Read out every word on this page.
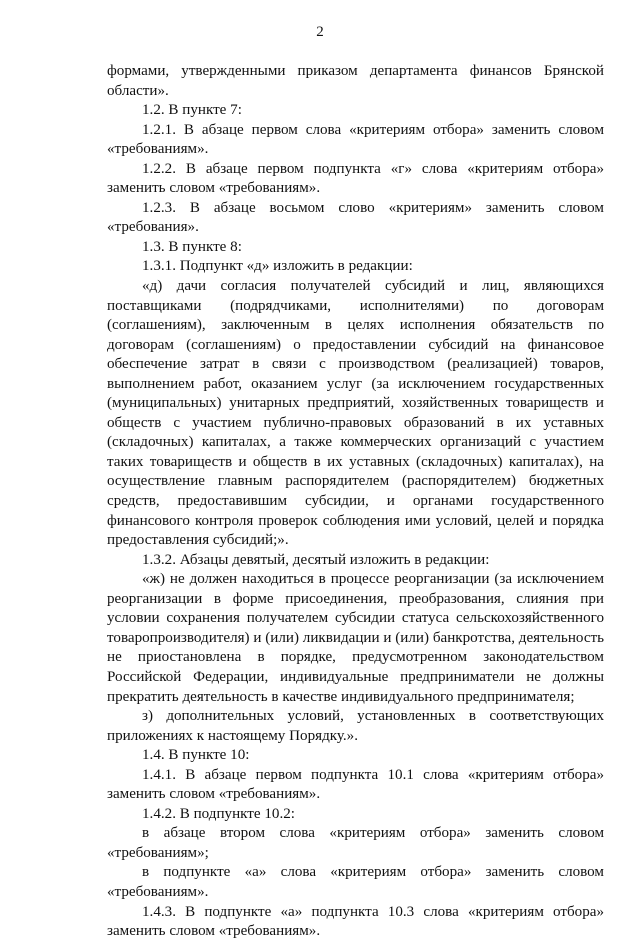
2

формами, утвержденными приказом департамента финансов Брянской области».

1.2. В пункте 7:

1.2.1. В абзаце первом слова «критериям отбора» заменить словом «требованиям».

1.2.2. В абзаце первом подпункта «г» слова «критериям отбора» заменить словом «требованиям».

1.2.3. В абзаце восьмом слово «критериям» заменить словом «требования».

1.3. В пункте 8:

1.3.1. Подпункт «д» изложить в редакции:

«д) дачи согласия получателей субсидий и лиц, являющихся поставщиками (подрядчиками, исполнителями) по договорам (соглашениям), заключенным в целях исполнения обязательств по договорам (соглашениям) о предоставлении субсидий на финансовое обеспечение затрат в связи с производством (реализацией) товаров, выполнением работ, оказанием услуг (за исключением государственных (муниципальных) унитарных предприятий, хозяйственных товариществ и обществ с участием публично-правовых образований в их уставных (складочных) капиталах, а также коммерческих организаций с участием таких товариществ и обществ в их уставных (складочных) капиталах), на осуществление главным распорядителем (распорядителем) бюджетных средств, предоставившим субсидии, и органами государственного финансового контроля проверок соблюдения ими условий, целей и порядка предоставления субсидий;».

1.3.2. Абзацы девятый, десятый изложить в редакции:

«ж) не должен находиться в процессе реорганизации (за исключением реорганизации в форме присоединения, преобразования, слияния при условии сохранения получателем субсидии статуса сельскохозяйственного товаропроизводителя) и (или) ликвидации и (или) банкротства, деятельность не приостановлена в порядке, предусмотренном законодательством Российской Федерации, индивидуальные предприниматели не должны прекратить деятельность в качестве индивидуального предпринимателя;

з) дополнительных условий, установленных в соответствующих приложениях к настоящему Порядку.».

1.4. В пункте 10:

1.4.1. В абзаце первом подпункта 10.1 слова «критериям отбора» заменить словом «требованиям».

1.4.2. В подпункте 10.2:

в абзаце втором слова «критериям отбора» заменить словом «требованиям»;

в подпункте «а» слова «критериям отбора» заменить словом «требованиям».

1.4.3. В подпункте «а» подпункта 10.3 слова «критериям отбора» заменить словом «требованиям».
